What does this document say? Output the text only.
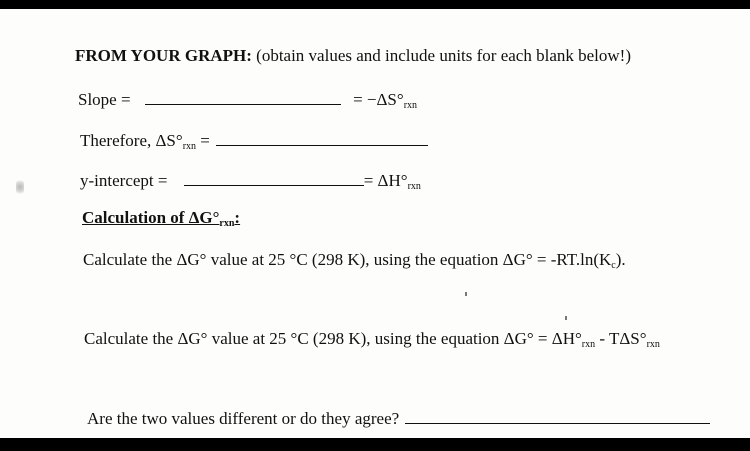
FROM YOUR GRAPH: (obtain values and include units for each blank below!)
Slope =	= $-\Delta S^\circ_{rxn}$
Therefore, $\Delta S^\circ_{rxn}$ =
y-intercept =	= $\Delta H^\circ_{rxn}$
Calculation of $\Delta G^\circ_{rxn}$:
Calculate the ΔG° value at 25 °C (298 K), using the equation $\Delta G^\circ = -RT.\ln(K_c)$.
Calculate the ΔG° value at 25 °C (298 K), using the equation $\Delta G^\circ = \Delta H^\circ_{rxn} - T\Delta S^\circ_{rxn}$
Are the two values different or do they agree?
